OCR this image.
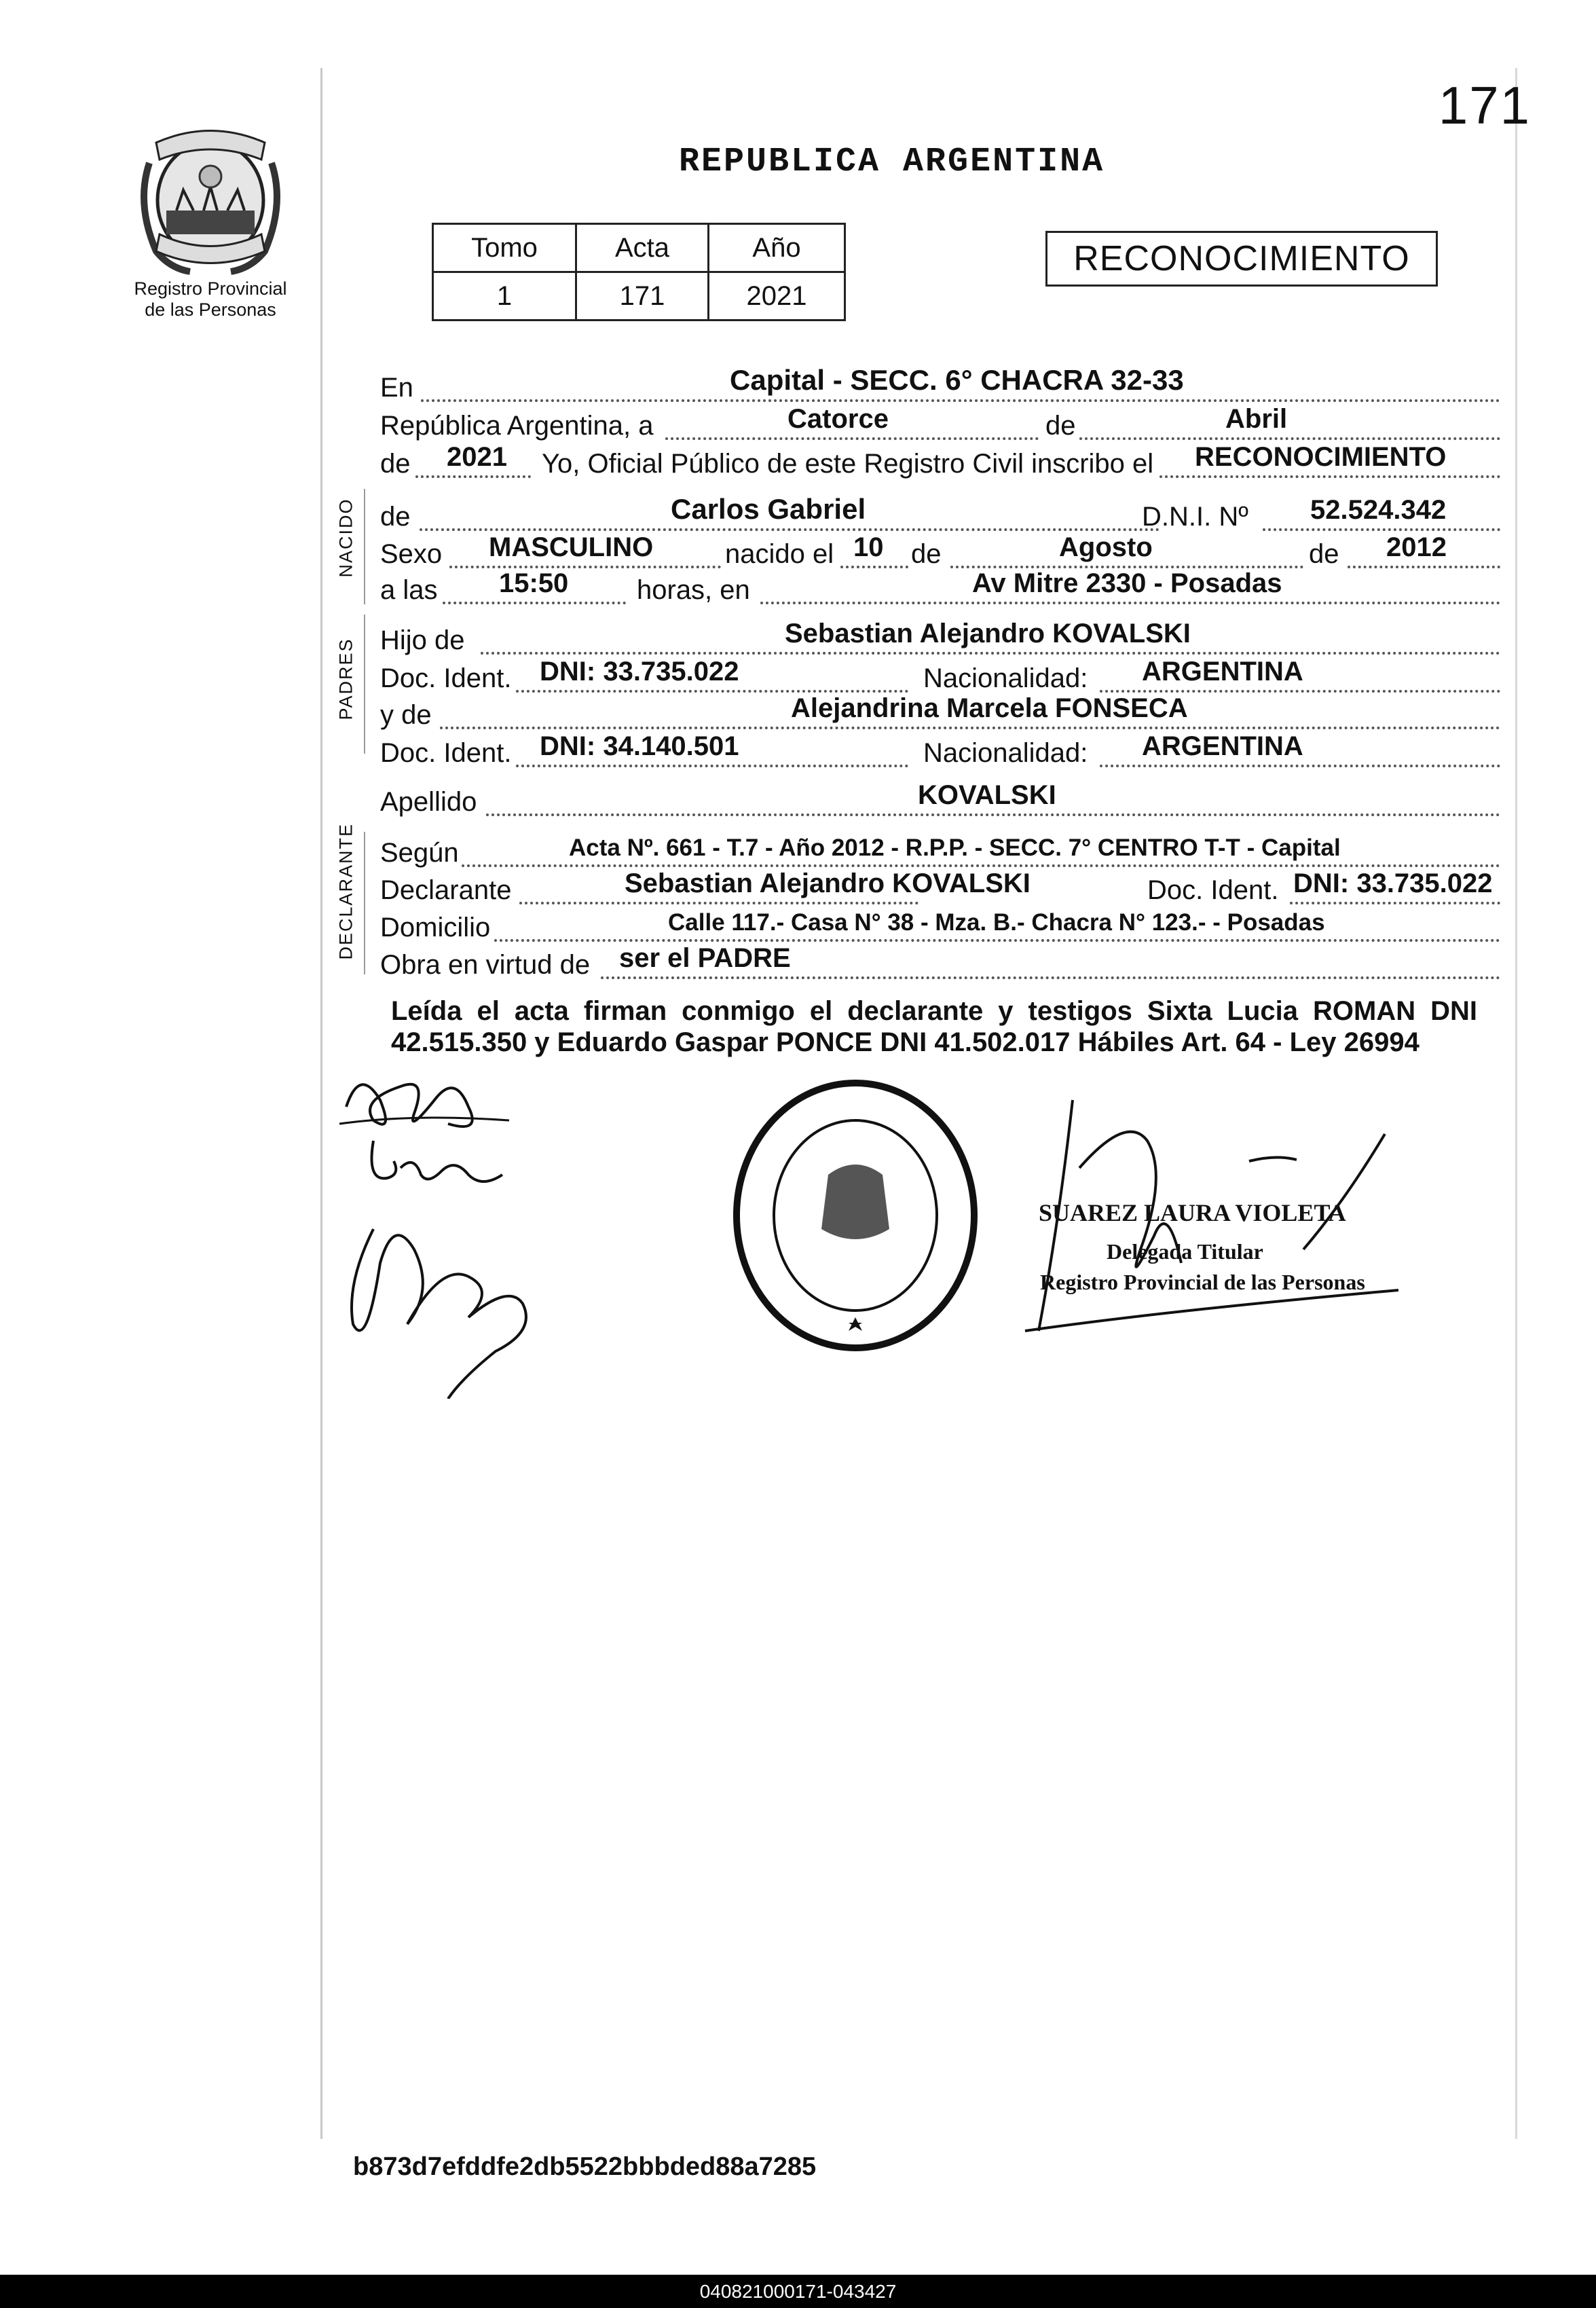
171
Registro Provincial
de las Personas
REPUBLICA ARGENTINA
Tomo	Acta	Año
1	171	2021
RECONOCIMIENTO
En	Capital - SECC. 6° CHACRA 32-33
República Argentina, a	Catorce	de	Abril
de 2021 Yo, Oficial Público de este Registro Civil inscribo el RECONOCIMIENTO
NACIDO de	Carlos Gabriel	D.N.I. Nº 52.524.342
Sexo MASCULINO	nacido el 10 de	Agosto	de 2012
a las 15:50	horas, en	Av Mitre 2330 - Posadas
PADRES Hijo de	Sebastian Alejandro KOVALSKI
Doc. Ident. DNI: 33.735.022	Nacionalidad: ARGENTINA
y de	Alejandrina Marcela FONSECA
Doc. Ident. DNI: 34.140.501	Nacionalidad: ARGENTINA
Apellido	KOVALSKI
DECLARANTE Según	Acta Nº. 661 - T.7 - Año 2012 - R.P.P. - SECC. 7° CENTRO T-T - Capital
Declarante	Sebastian Alejandro KOVALSKI	Doc. Ident. DNI: 33.735.022
Domicilio	Calle 117.- Casa N° 38 - Mza. B.- Chacra N° 123.- - Posadas
Obra en virtud de ser el PADRE
Leída el acta firman conmigo el declarante y testigos Sixta Lucia ROMAN DNI 42.515.350 y Eduardo Gaspar PONCE DNI 41.502.017 Hábiles Art. 64 - Ley 26994
SUAREZ LAURA VIOLETA
Delegada Titular
Registro Provincial de las Personas
b873d7efddfe2db5522bbbded88a7285
040821000171-043427
